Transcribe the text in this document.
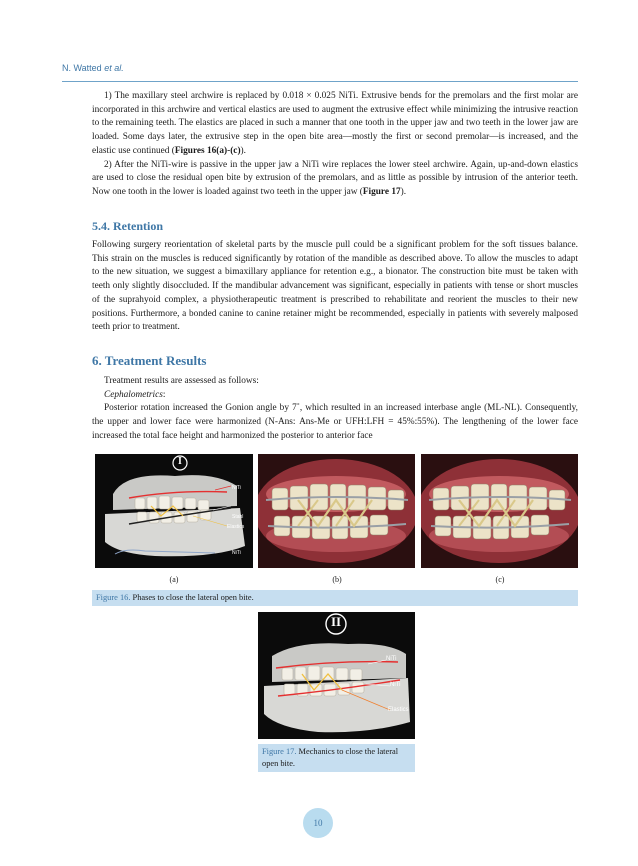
N. Watted et al.

1) The maxillary steel archwire is replaced by 0.018 × 0.025 NiTi. Extrusive bends for the premolars and the first molar are incorporated in this archwire and vertical elastics are used to augment the extrusive effect while minimizing the intrusive reaction to the remaining teeth. The elastics are placed in such a manner that one tooth in the upper jaw and two teeth in the lower jaw are loaded. Some days later, the extrusive step in the open bite area—mostly the first or second premolar—is increased, and the elastic use continued (Figures 16(a)-(c)).

2) After the NiTi-wire is passive in the upper jaw a NiTi wire replaces the lower steel archwire. Again, up-and-down elastics are used to close the residual open bite by extrusion of the premolars, and as little as possible by intrusion of the anterior teeth. Now one tooth in the lower is loaded against two teeth in the upper jaw (Figure 17).

5.4. Retention
Following surgery reorientation of skeletal parts by the muscle pull could be a significant problem for the soft tissues balance. This strain on the muscles is reduced significantly by rotation of the mandible as described above. To allow the muscles to adapt to the new situation, we suggest a bimaxillary appliance for retention e.g., a bionator. The construction bite must be taken with teeth only slightly disoccluded. If the mandibular advancement was significant, especially in patients with tense or short muscles of the suprahyoid complex, a physiotherapeutic treatment is prescribed to rehabilitate and reorient the muscles to their new positions. Furthermore, a bonded canine to canine retainer might be recommended, especially in patients with severely malposed teeth prior to treatment.
6. Treatment Results

Treatment results are assessed as follows:

Cephalometrics:

Posterior rotation increased the Gonion angle by 7˚, which resulted in an increased interbase angle (ML-NL). Consequently, the upper and lower face were harmonized (N-Ans: Ans-Me or UFH:LFH = 45%:55%). The lengthening of the lower face increased the total face height and harmonized the posterior to anterior face

I
NiTi
Stahl
Elastics
NiTi
(a)	(b)	(c)
Figure 16. Phases to close the lateral open bite.
II
NiTi
NiTi
Elastics
Figure 17. Mechanics to close the lateral open bite.
10
